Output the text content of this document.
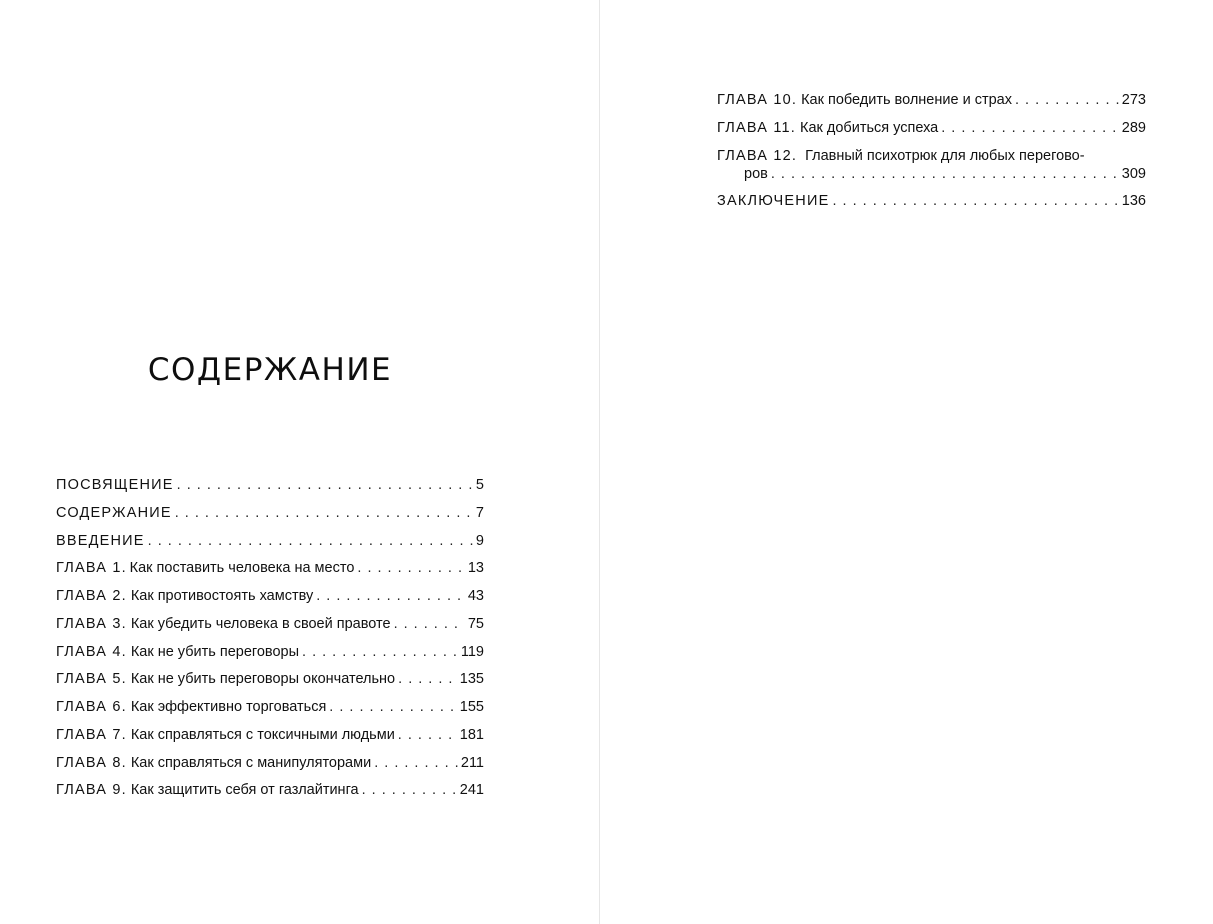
СОДЕРЖАНИЕ
ПОСВЯЩЕНИЕ . . .	5
СОДЕРЖАНИЕ . . .	7
ВВЕДЕНИЕ . . .	9
ГЛАВА 1 . Как поставить человека на место . . .	13
ГЛАВА 2. Как противостоять хамству . . .	43
ГЛАВА 3. Как убедить человека в своей правоте . . .	75
ГЛАВА 4. Как не убить переговоры . . .	119
ГЛАВА 5. Как не убить переговоры окончательно . . .	135
ГЛАВА 6. Как эффективно торговаться . . .	155
ГЛАВА 7. Как справляться с токсичными людьми . . .	181
ГЛАВА 8. Как справляться с манипуляторами . . .	211
ГЛАВА 9. Как защитить себя от газлайтинга . . .	241
ГЛАВА 10. Как победить волнение и страх . . .	273
ГЛАВА 11. Как добиться успеха . . .	289
ГЛАВА 12. Главный психотрюк для любых перегово-
ров . . .	309
ЗАКЛЮЧЕНИЕ . . .	136
